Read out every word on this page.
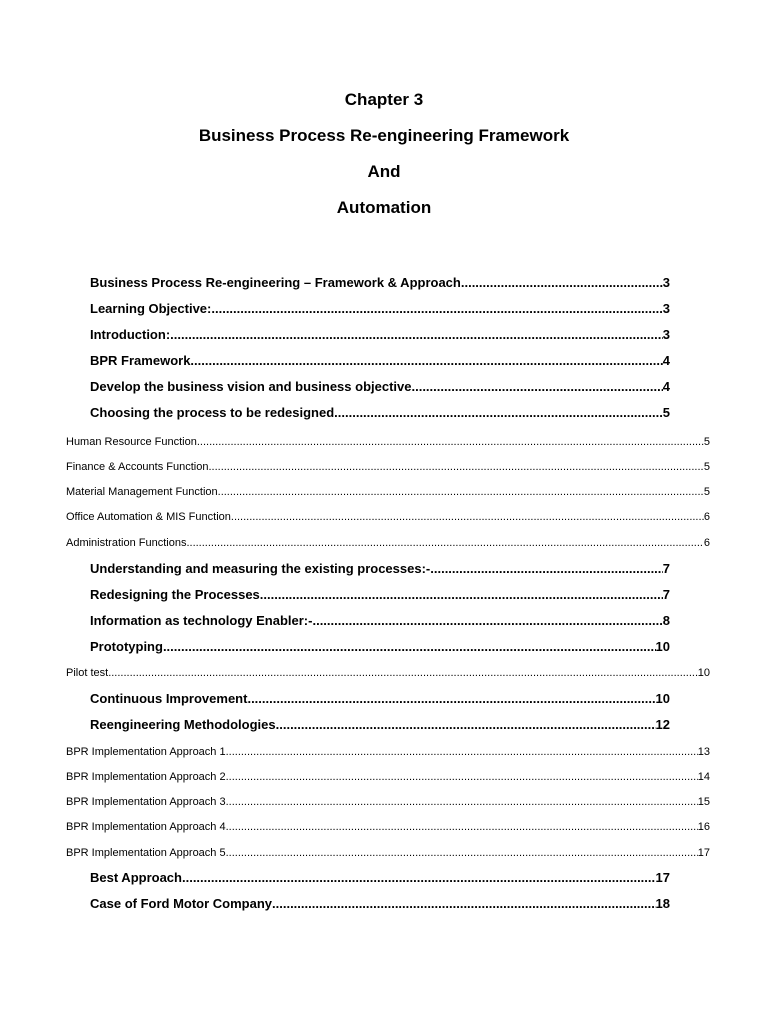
Chapter 3
Business Process Re-engineering Framework
And
Automation
Business Process Re-engineering – Framework & Approach .....	3
Learning Objective: .....	3
Introduction: .....	3
BPR Framework .....	4
Develop the business vision and business objective .....	4
Choosing the process to be redesigned .....	5
Human Resource Function .....	5
Finance & Accounts Function .....	5
Material Management Function .....	5
Office Automation & MIS Function .....	6
Administration Functions .....	6
Understanding and measuring the existing processes:- .....	7
Redesigning the Processes .....	7
Information as technology Enabler:- .....	8
Prototyping .....	10
Pilot test .....	10
Continuous Improvement .....	10
Reengineering Methodologies .....	12
BPR Implementation Approach 1 .....	13
BPR Implementation Approach 2 .....	14
BPR Implementation Approach 3 .....	15
BPR Implementation Approach 4 .....	16
BPR Implementation Approach 5 .....	17
Best Approach .....	17
Case of Ford Motor Company .....	18
